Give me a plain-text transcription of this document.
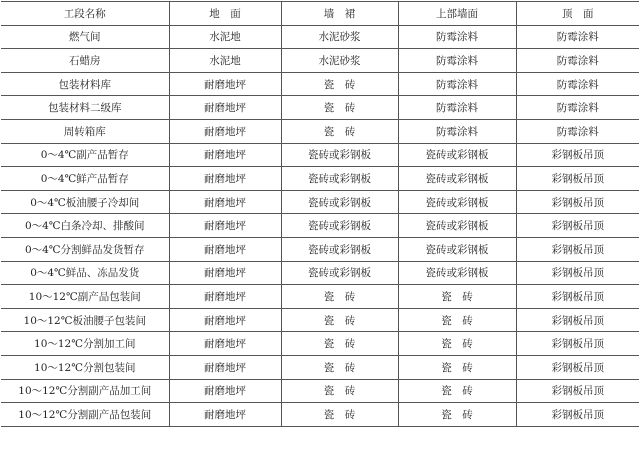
工段名称	地　面	墙　裙	上部墙面	顶　面
燃气间	水泥地	水泥砂浆	防霉涂料	防霉涂料
石蜡房	水泥地	水泥砂浆	防霉涂料	防霉涂料
包装材料库	耐磨地坪	瓷　砖	防霉涂料	防霉涂料
包装材料二级库	耐磨地坪	瓷　砖	防霉涂料	防霉涂料
周转箱库	耐磨地坪	瓷　砖	防霉涂料	防霉涂料
0～4℃副产品暂存	耐磨地坪	瓷砖或彩钢板	瓷砖或彩钢板	彩钢板吊顶
0～4℃鲜产品暂存	耐磨地坪	瓷砖或彩钢板	瓷砖或彩钢板	彩钢板吊顶
0～4℃板油腰子冷却间	耐磨地坪	瓷砖或彩钢板	瓷砖或彩钢板	彩钢板吊顶
0～4℃白条冷却、排酸间	耐磨地坪	瓷砖或彩钢板	瓷砖或彩钢板	彩钢板吊顶
0～4℃分割鲜品发货暂存	耐磨地坪	瓷砖或彩钢板	瓷砖或彩钢板	彩钢板吊顶
0～4℃鲜品、冻品发货	耐磨地坪	瓷砖或彩钢板	瓷砖或彩钢板	彩钢板吊顶
10～12℃副产品包装间	耐磨地坪	瓷　砖	瓷　砖	彩钢板吊顶
10～12℃板油腰子包装间	耐磨地坪	瓷　砖	瓷　砖	彩钢板吊顶
10～12℃分割加工间	耐磨地坪	瓷　砖	瓷　砖	彩钢板吊顶
10～12℃分割包装间	耐磨地坪	瓷　砖	瓷　砖	彩钢板吊顶
10～12℃分割副产品加工间	耐磨地坪	瓷　砖	瓷　砖	彩钢板吊顶
10～12℃分割副产品包装间	耐磨地坪	瓷　砖	瓷　砖	彩钢板吊顶
